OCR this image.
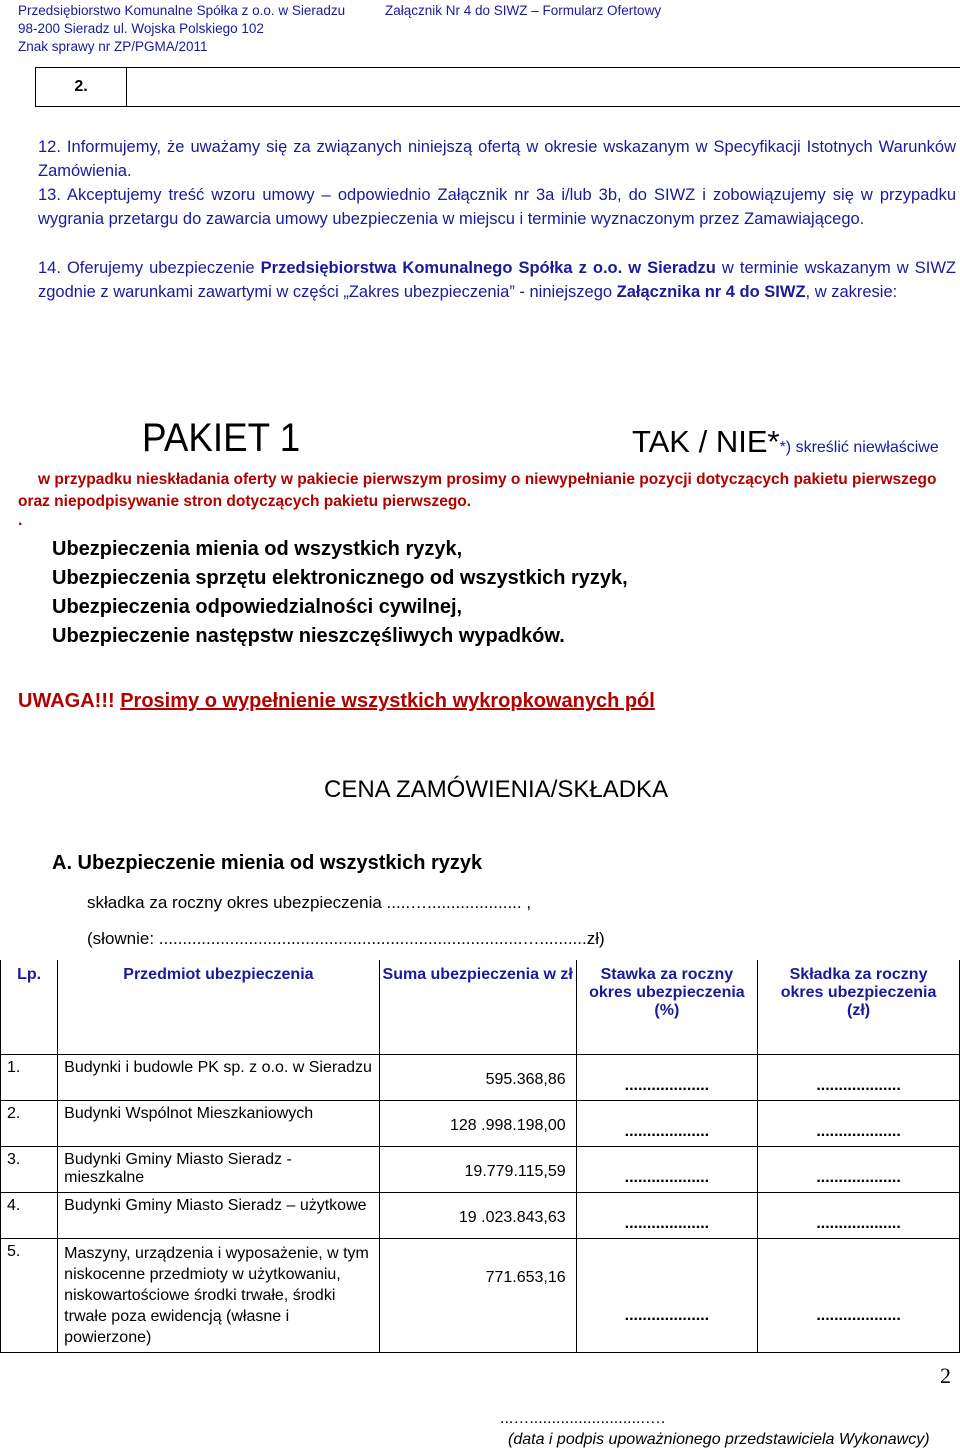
Przedsiębiorstwo Komunalne Spółka z o.o. w Sieradzu
98-200 Sieradz ul. Wojska Polskiego 102
Znak sprawy nr ZP/PGMA/2011
Załącznik Nr 4 do SIWZ – Formularz Ofertowy
2.	
12. Informujemy, że uważamy się za związanych niniejszą ofertą w okresie wskazanym w Specyfikacji Istotnych Warunków Zamówienia.
13. Akceptujemy treść wzoru umowy – odpowiednio Załącznik nr 3a i/lub 3b, do SIWZ i zobowiązujemy się w przypadku wygrania przetargu do zawarcia umowy ubezpieczenia w miejscu i terminie wyznaczonym przez Zamawiającego.
14. Oferujemy ubezpieczenie Przedsiębiorstwa Komunalnego Spółka z o.o. w Sieradzu w terminie wskazanym w SIWZ zgodnie z warunkami zawartymi w części „Zakres ubezpieczenia” - niniejszego Załącznika nr 4 do SIWZ, w zakresie:
PAKIET 1	TAK / NIE**) skreślić niewłaściwe
w przypadku nieskładania oferty w pakiecie pierwszym prosimy o niewypełnianie pozycji dotyczących pakietu pierwszego oraz niepodpisywanie stron dotyczących pakietu pierwszego.
.
Ubezpieczenia mienia od wszystkich ryzyk,
Ubezpieczenia sprzętu elektronicznego od wszystkich ryzyk,
Ubezpieczenia odpowiedzialności cywilnej,
Ubezpieczenie następstw nieszczęśliwych wypadków.
UWAGA!!! Prosimy o wypełnienie wszystkich wykropkowanych pól
CENA ZAMÓWIENIA/SKŁADKA
A. Ubezpieczenie mienia od wszystkich ryzyk
składka za roczny okres ubezpieczenia .....….................... ,
(słownie: .............................................................................…..........zł)
Lp.	Przedmiot ubezpieczenia	Suma ubezpieczenia w zł	Stawka za roczny okres ubezpieczenia (%)	Składka za roczny okres ubezpieczenia (zł)
1.	Budynki i budowle PK sp. z o.o. w Sieradzu	595.368,86	...................	...................
2.	Budynki Wspólnot Mieszkaniowych	128 .998.198,00	...................	...................
3.	Budynki Gminy Miasto Sieradz - mieszkalne	19.779.115,59	...................	...................
4.	Budynki Gminy Miasto Sieradz – użytkowe	19 .023.843,63	...................	...................
5.	Maszyny, urządzenia i wyposażenie, w tym niskocenne przedmioty w użytkowaniu, niskowartościowe środki trwałe, środki trwałe poza ewidencją (własne i powierzone)	771.653,16	...................	...................
2
...…..........................….
(data i podpis upoważnionego przedstawiciela Wykonawcy)
